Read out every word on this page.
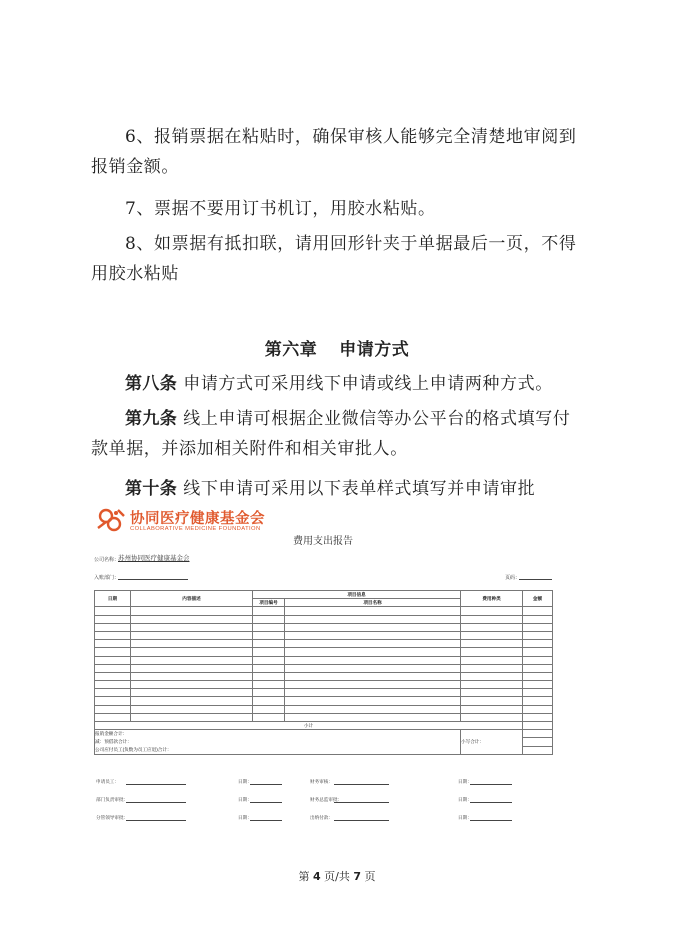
6、报销票据在粘贴时，确保审核人能够完全清楚地审阅到报销金额。
7、票据不要用订书机订，用胶水粘贴。
8、如票据有抵扣联，请用回形针夹于单据最后一页，不得用胶水粘贴
第六章 申请方式
第八条 申请方式可采用线下申请或线上申请两种方式。
第九条 线上申请可根据企业微信等办公平台的格式填写付款单据，并添加相关附件和相关审批人。
第十条 线下申请可采用以下表单样式填写并申请审批
协同医疗健康基金会
COLLABORATIVE MEDICINE FOUNDATION
费用支出报告
公司名称：
苏州协同医疗健康基金会
入账部门：	页码：
日期	内容描述	项目信息		费用种类	金额
		项目编号	项目名称		

小计					
报销金额合计：				小写合计：	
减：预借款合计：					
公司应付员工(负数为员工应退)合计：					
申请员工：	日期：	财务审核：	日期：
部门负责审批：	日期：	财务总监审批：	日期：
分管领导审批：	日期：	出纳付款：	日期：
第 4 页/共 7 页
